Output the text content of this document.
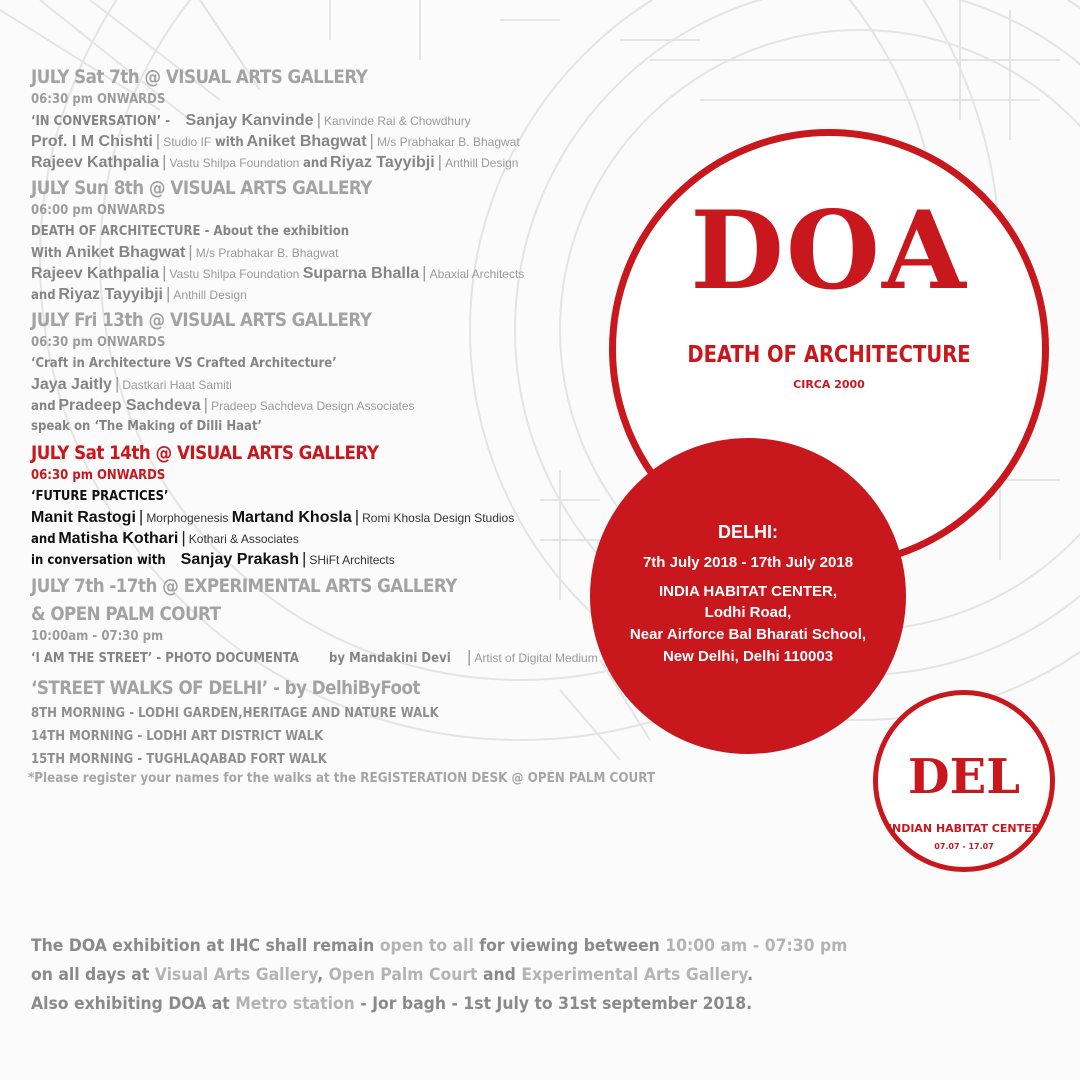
JULY Sat 7th @ VISUAL ARTS GALLERY
06:30 pm ONWARDS
‘IN CONVERSATION’ -Sanjay Kanvinde | Kanvinde Rai & Chowdhury
Prof. I M Chishti | Studio IF withAniket Bhagwat | M/s Prabhakar B. Bhagwat
Rajeev Kathpalia | Vastu Shilpa Foundation andRiyaz Tayyibji | Anthill Design
JULY Sun 8th @ VISUAL ARTS GALLERY
06:00 pm ONWARDS
DEATH OF ARCHITECTURE - About the exhibition
WithAniket Bhagwat | M/s Prabhakar B. Bhagwat
Rajeev Kathpalia | Vastu Shilpa Foundation Suparna Bhalla | Abaxial Architects
andRiyaz Tayyibji | Anthill Design
JULY Fri 13th @ VISUAL ARTS GALLERY
06:30 pm ONWARDS
‘Craft in Architecture VS Crafted Architecture’
Jaya Jaitly | Dastkari Haat Samiti
andPradeep Sachdeva | Pradeep Sachdeva Design Associates
speak on ‘The Making of Dilli Haat’
JULY Sat 14th @ VISUAL ARTS GALLERY
06:30 pm ONWARDS
‘FUTURE PRACTICES’
Manit Rastogi | Morphogenesis Martand Khosla | Romi Khosla Design Studios
andMatisha Kothari | Kothari & Associates
in conversation withSanjay Prakash | SHiFt Architects
JULY 7th -17th @ EXPERIMENTAL ARTS GALLERY
& OPEN PALM COURT
10:00am - 07:30 pm
‘I AM THE STREET’ - PHOTO DOCUMENTAby Mandakini Devi | Artist of Digital Medium
‘STREET WALKS OF DELHI’ - by DelhiByFoot
8TH MORNING - LODHI GARDEN,HERITAGE AND NATURE WALK
14TH MORNING - LODHI ART DISTRICT WALK
15TH MORNING - TUGHLAQABAD FORT WALK
*Please register your names for the walks at the REGISTERATION DESK @ OPEN PALM COURT
The DOA exhibition at IHC shall remain open to all for viewing between 10:00 am - 07:30 pm
on all days at Visual Arts Gallery, Open Palm Court and Experimental Arts Gallery.
Also exhibiting DOA at Metro station - Jor bagh - 1st July to 31st september 2018.
DOA
DEATH OF ARCHITECTURE
CIRCA 2000
DELHI:
7th July 2018 - 17th July 2018
INDIA HABITAT CENTER,
Lodhi Road,
Near Airforce Bal Bharati School,
New Delhi, Delhi 110003
DEL
INDIAN HABITAT CENTER
07.07 - 17.07
